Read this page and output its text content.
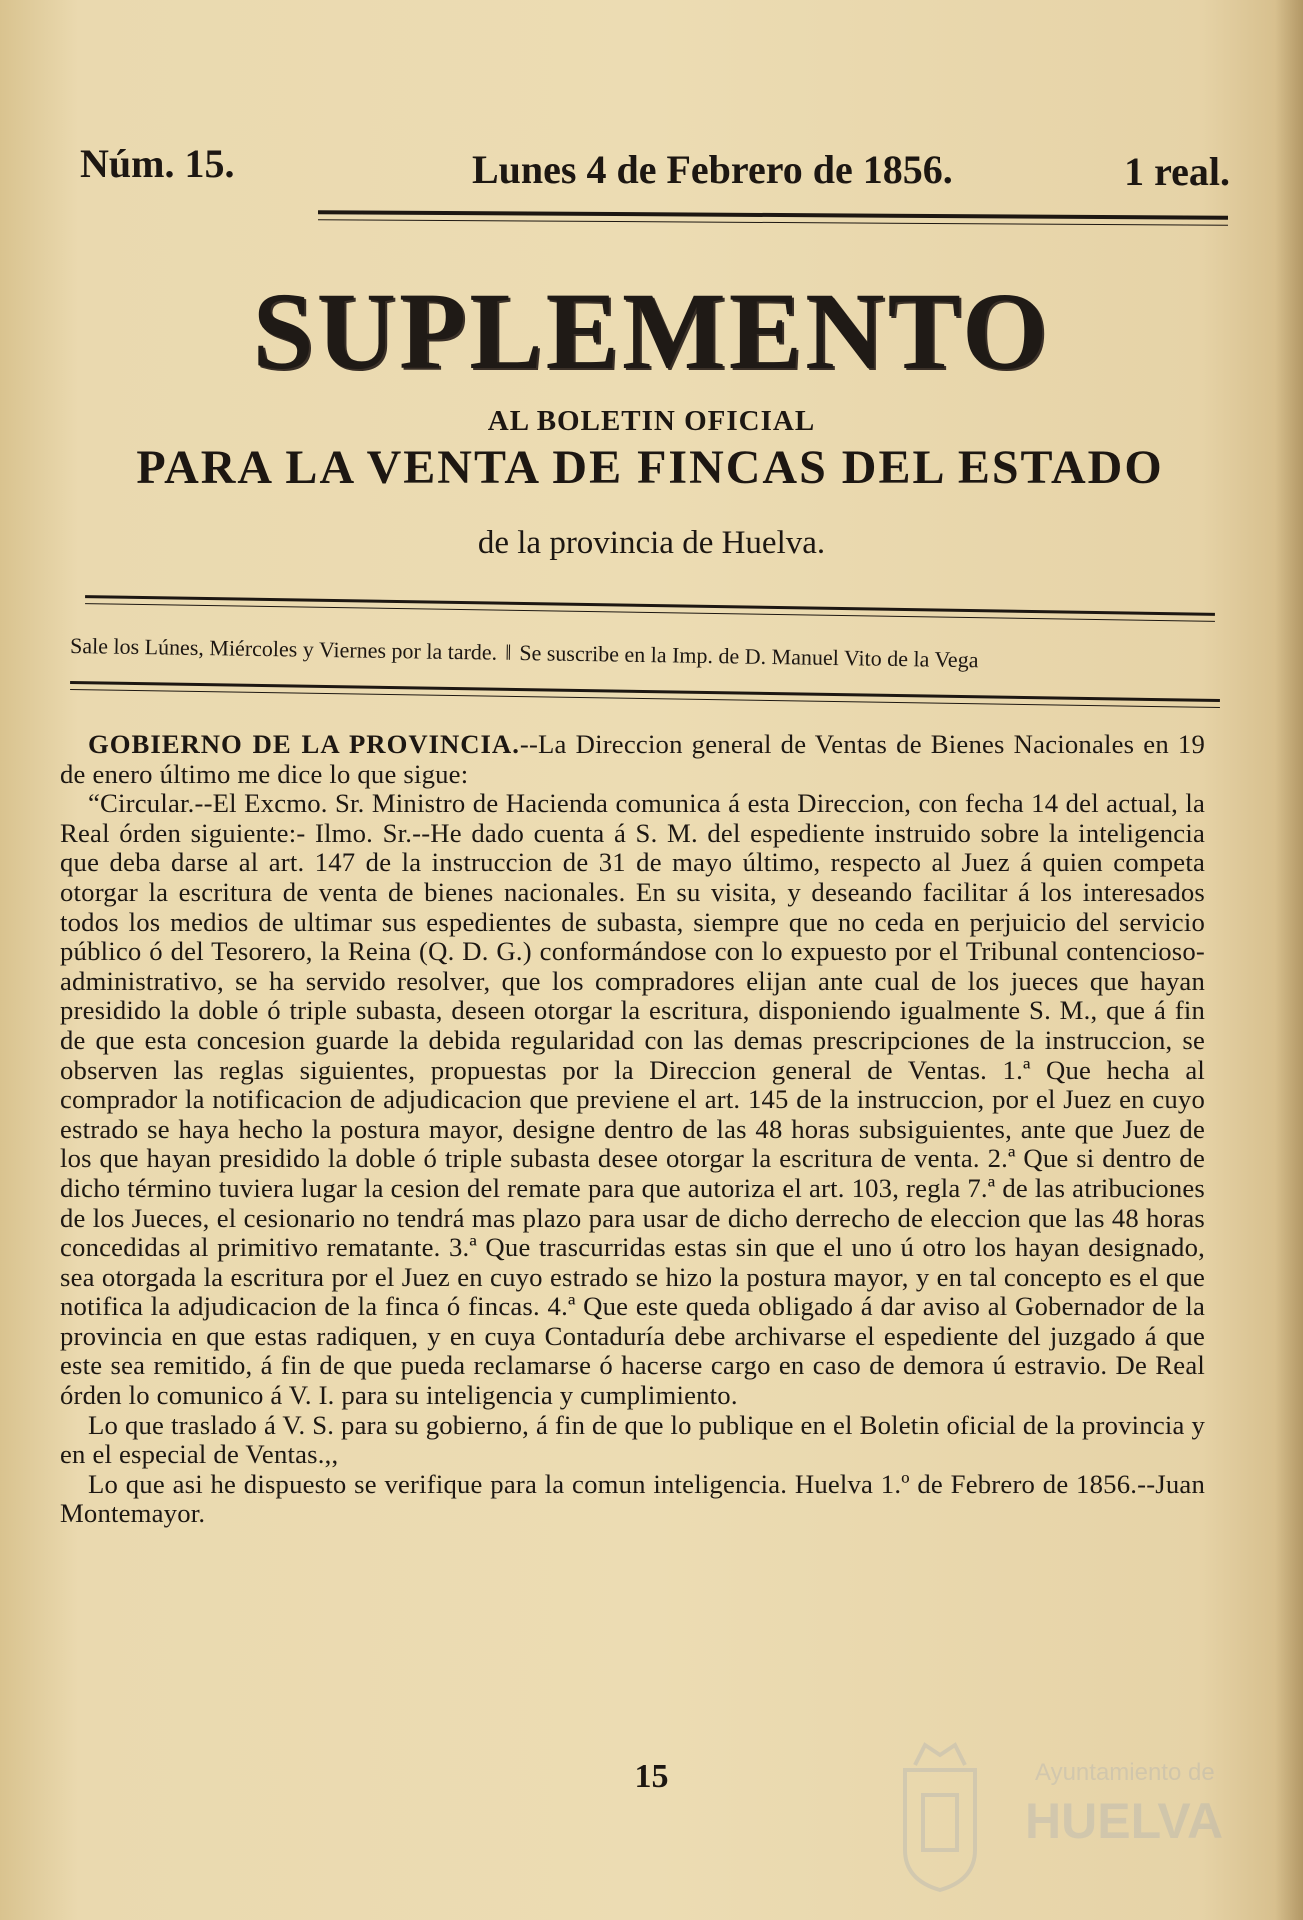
Núm. 15.	Lunes 4 de Febrero de 1856.	1 real.
SUPLEMENTO
AL BOLETIN OFICIAL
PARA LA VENTA DE FINCAS DEL ESTADO
de la provincia de Huelva.
Sale los Lúnes, Miércoles y Viernes por la tarde. ‖ Se suscribe en la Imp. de D. Manuel Vito de la Vega

GOBIERNO DE LA PROVINCIA.--La Direccion general de Ventas de Bienes Nacionales en 19 de enero último me dice lo que sigue:

“Circular.--El Excmo. Sr. Ministro de Hacienda comunica á esta Direccion, con fecha 14 del actual, la Real órden siguiente:- Ilmo. Sr.--He dado cuenta á S. M. del espediente instruido sobre la inteligencia que deba darse al art. 147 de la instruccion de 31 de mayo último, respecto al Juez á quien competa otorgar la escritura de venta de bienes nacionales. En su visita, y deseando facilitar á los interesados todos los medios de ultimar sus espedientes de subasta, siempre que no ceda en perjuicio del servicio público ó del Tesorero, la Reina (Q. D. G.) conformándose con lo expuesto por el Tribunal contencioso-administrativo, se ha servido resolver, que los compradores elijan ante cual de los jueces que hayan presidido la doble ó triple subasta, deseen otorgar la escritura, disponiendo igualmente S. M., que á fin de que esta concesion guarde la debida regularidad con las demas prescripciones de la instruccion, se observen las reglas siguientes, propuestas por la Direccion general de Ventas. 1.ª Que hecha al comprador la notificacion de adjudicacion que previene el art. 145 de la instruccion, por el Juez en cuyo estrado se haya hecho la postura mayor, designe dentro de las 48 horas subsiguientes, ante que Juez de los que hayan presidido la doble ó triple subasta desee otorgar la escritura de venta. 2.ª Que si dentro de dicho término tuviera lugar la cesion del remate para que autoriza el art. 103, regla 7.ª de las atribuciones de los Jueces, el cesionario no tendrá mas plazo para usar de dicho derrecho de eleccion que las 48 horas concedidas al primitivo rematante. 3.ª Que trascurridas estas sin que el uno ú otro los hayan designado, sea otorgada la escritura por el Juez en cuyo estrado se hizo la postura mayor, y en tal concepto es el que notifica la adjudicacion de la finca ó fincas. 4.ª Que este queda obligado á dar aviso al Gobernador de la provincia en que estas radiquen, y en cuya Contaduría debe archivarse el espediente del juzgado á que este sea remitido, á fin de que pueda reclamarse ó hacerse cargo en caso de demora ú estravio. De Real órden lo comunico á V. I. para su inteligencia y cumplimiento.

Lo que traslado á V. S. para su gobierno, á fin de que lo publique en el Boletin oficial de la provincia y en el especial de Ventas.,,

Lo que asi he dispuesto se verifique para la comun inteligencia. Huelva 1.º de Febrero de 1856.--Juan Montemayor.

15	Ayuntamiento de
HUELVA
